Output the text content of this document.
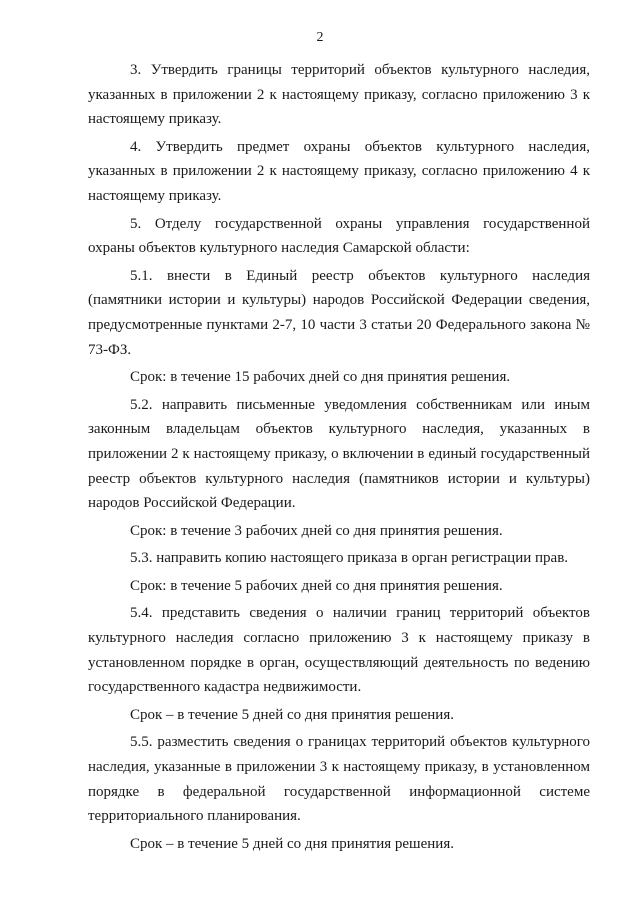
2

3. Утвердить границы территорий объектов культурного наследия, указанных в приложении 2 к настоящему приказу, согласно приложению 3 к настоящему приказу.

4. Утвердить предмет охраны объектов культурного наследия, указанных в приложении 2 к настоящему приказу, согласно приложению 4 к настоящему приказу.

5. Отделу государственной охраны управления государственной охраны объектов культурного наследия Самарской области:

5.1. внести в Единый реестр объектов культурного наследия (памятники истории и культуры) народов Российской Федерации сведения, предусмотренные пунктами 2-7, 10 части 3 статьи 20 Федерального закона № 73-ФЗ.

Срок: в течение 15 рабочих дней со дня принятия решения.

5.2. направить письменные уведомления собственникам или иным законным владельцам объектов культурного наследия, указанных в приложении 2 к настоящему приказу, о включении в единый государственный реестр объектов культурного наследия (памятников истории и культуры) народов Российской Федерации.

Срок: в течение 3 рабочих дней со дня принятия решения.

5.3. направить копию настоящего приказа в орган регистрации прав.

Срок: в течение 5 рабочих дней со дня принятия решения.

5.4. представить сведения о наличии границ территорий объектов культурного наследия согласно приложению 3 к настоящему приказу в установленном порядке в орган, осуществляющий деятельность по ведению государственного кадастра недвижимости.

Срок – в течение 5 дней со дня принятия решения.

5.5. разместить сведения о границах территорий объектов культурного наследия, указанные в приложении 3 к настоящему приказу, в установленном порядке в федеральной государственной информационной системе территориального планирования.

Срок – в течение 5 дней со дня принятия решения.
